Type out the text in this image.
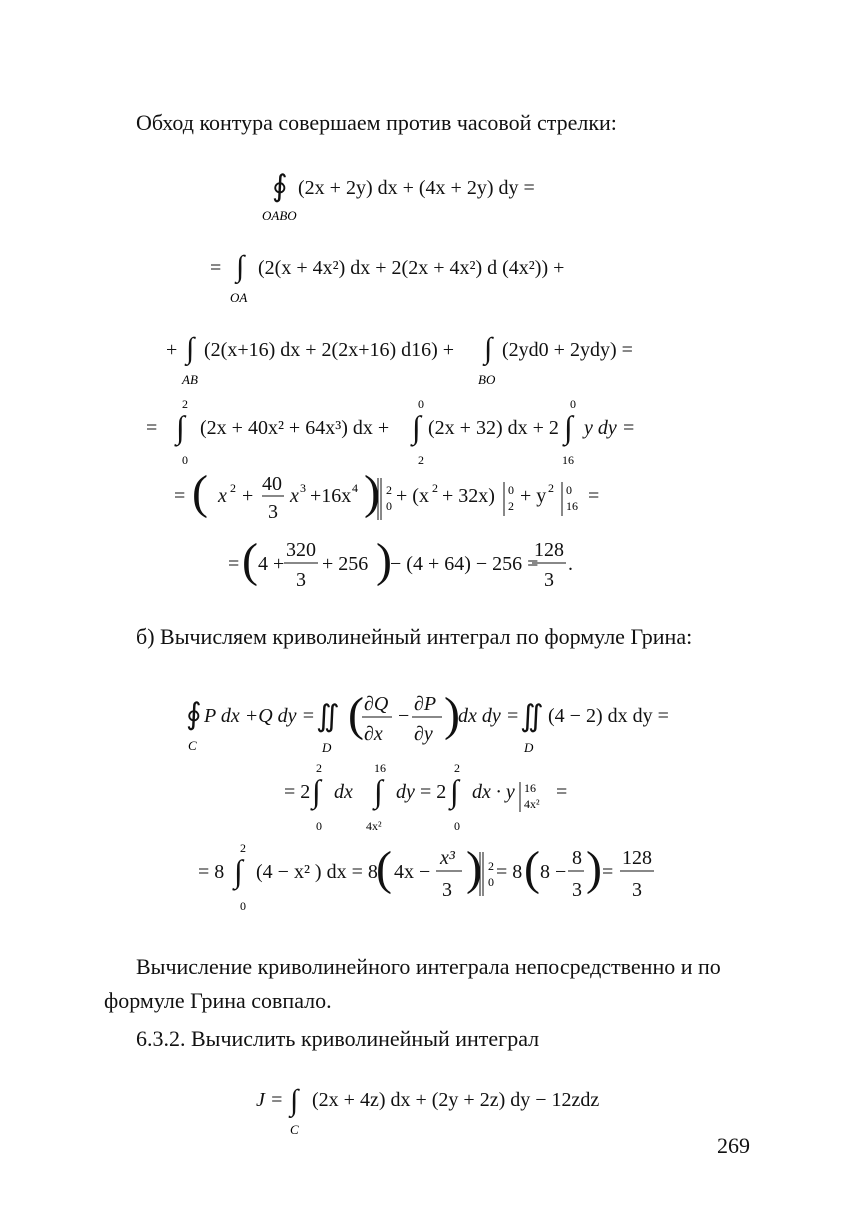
Обход контура совершаем против часовой стрелки:
∮ (2x + 2y) dx + (4x + 2y) dy =
OABO
= ∫ (2(x + 4x²) dx + 2(2x + 4x²) d (4x²)) +
OA
+ ∫ (2(x+16) dx + 2(2x+16) d16) +
AB
∫ (2yd0 + 2ydy) =
BO
=
2
∫
0
(2x + 40x² + 64x³) dx +
0
∫
2
(2x + 32) dx + 2
0
∫
16
y dy =
= ( x 2 +
40
3
x 3 +16x 4 ) 2
0 + (x 2 + 32x) 0
2 + y 2 0
16 =
= ( 4 +
320
3
+ 256 )
− (4 + 64) − 256 =
128
3
.
б) Вычисляем криволинейный интеграл по формуле Грина:
∮ P dx +Q dy =
C
∬
D
( ∂Q
∂x
−
∂P
∂y )
dx dy = ∬
D
(4 − 2) dx dy =
= 2
2
∫
0
dx
16
∫
4x²
dy = 2
2
∫
0
dx · y 16
4x²
=
= 8
2
∫
0
(4 − x² ) dx = 8
( 4x −
x³
3 ) 2
0 = 8 ( 8 −
8
3 ) =
128
3
Вычисление криволинейного интеграла непосредственно и по формуле Грина совпало.
6.3.2. Вычислить криволинейный интеграл
J = ∫
C
(2x + 4z) dx + (2y + 2z) dy − 12zdz
269
